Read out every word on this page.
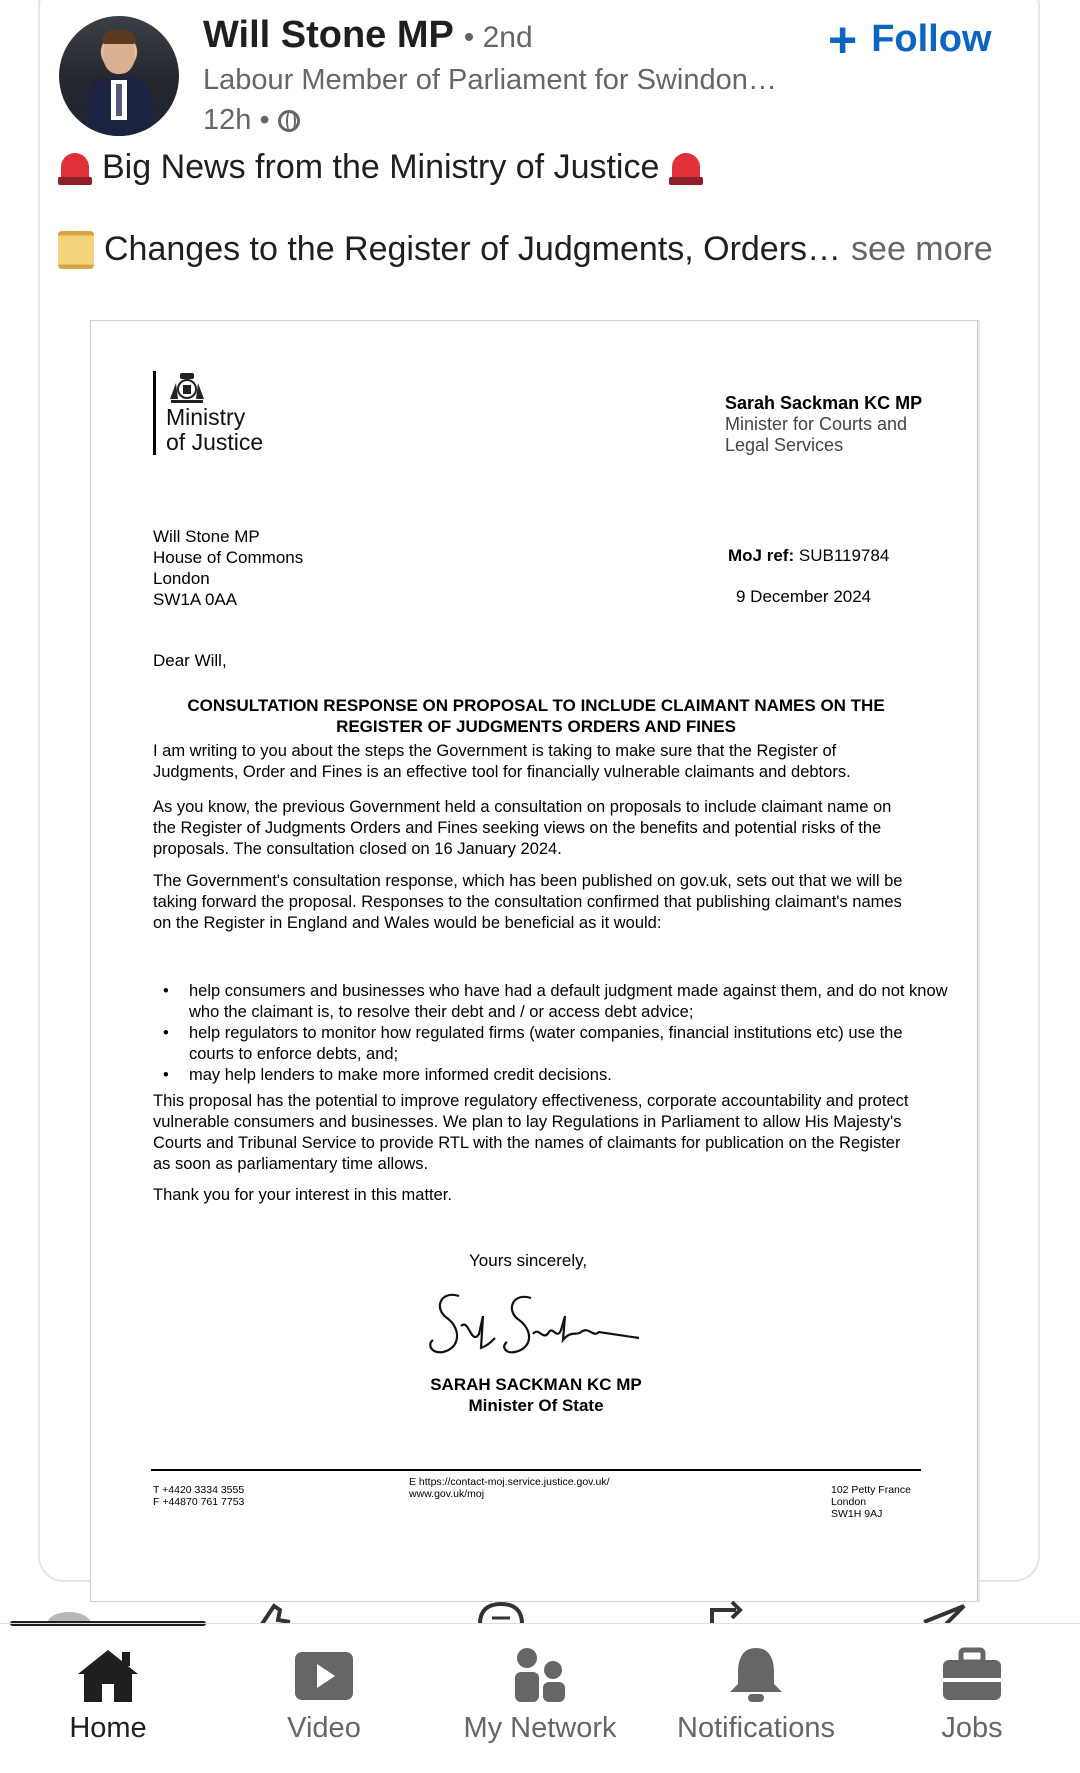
Will Stone MP • 2nd
Labour Member of Parliament for Swindon…
12h •
+ Follow
Big News from the Ministry of Justice
Changes to the Register of Judgments, Orders… see more
Ministry
of Justice
Sarah Sackman KC MP
Minister for Courts and
Legal Services
Will Stone MP
House of Commons
London
SW1A 0AA
MoJ ref: SUB119784
9 December 2024
Dear Will,
CONSULTATION RESPONSE ON PROPOSAL TO INCLUDE CLAIMANT NAMES ON THE
REGISTER OF JUDGMENTS ORDERS AND FINES
I am writing to you about the steps the Government is taking to make sure that the Register of Judgments, Order and Fines is an effective tool for financially vulnerable claimants and debtors.
As you know, the previous Government held a consultation on proposals to include claimant name on the Register of Judgments Orders and Fines seeking views on the benefits and potential risks of the proposals. The consultation closed on 16 January 2024.
The Government's consultation response, which has been published on gov.uk, sets out that we will be taking forward the proposal. Responses to the consultation confirmed that publishing claimant's names on the Register in England and Wales would be beneficial as it would:
• help consumers and businesses who have had a default judgment made against them, and do not know who the claimant is, to resolve their debt and / or access debt advice;
• help regulators to monitor how regulated firms (water companies, financial institutions etc) use the courts to enforce debts, and;
• may help lenders to make more informed credit decisions.
This proposal has the potential to improve regulatory effectiveness, corporate accountability and protect vulnerable consumers and businesses. We plan to lay Regulations in Parliament to allow His Majesty's Courts and Tribunal Service to provide RTL with the names of claimants for publication on the Register as soon as parliamentary time allows.
Thank you for your interest in this matter.
Yours sincerely,
SARAH SACKMAN KC MP
Minister Of State
T +4420 3334 3555
F +44870 761 7753
E https://contact-moj.service.justice.gov.uk/
www.gov.uk/moj	102 Petty France
London
SW1H 9AJ
Home	Video	My Network Notifications	Jobs
